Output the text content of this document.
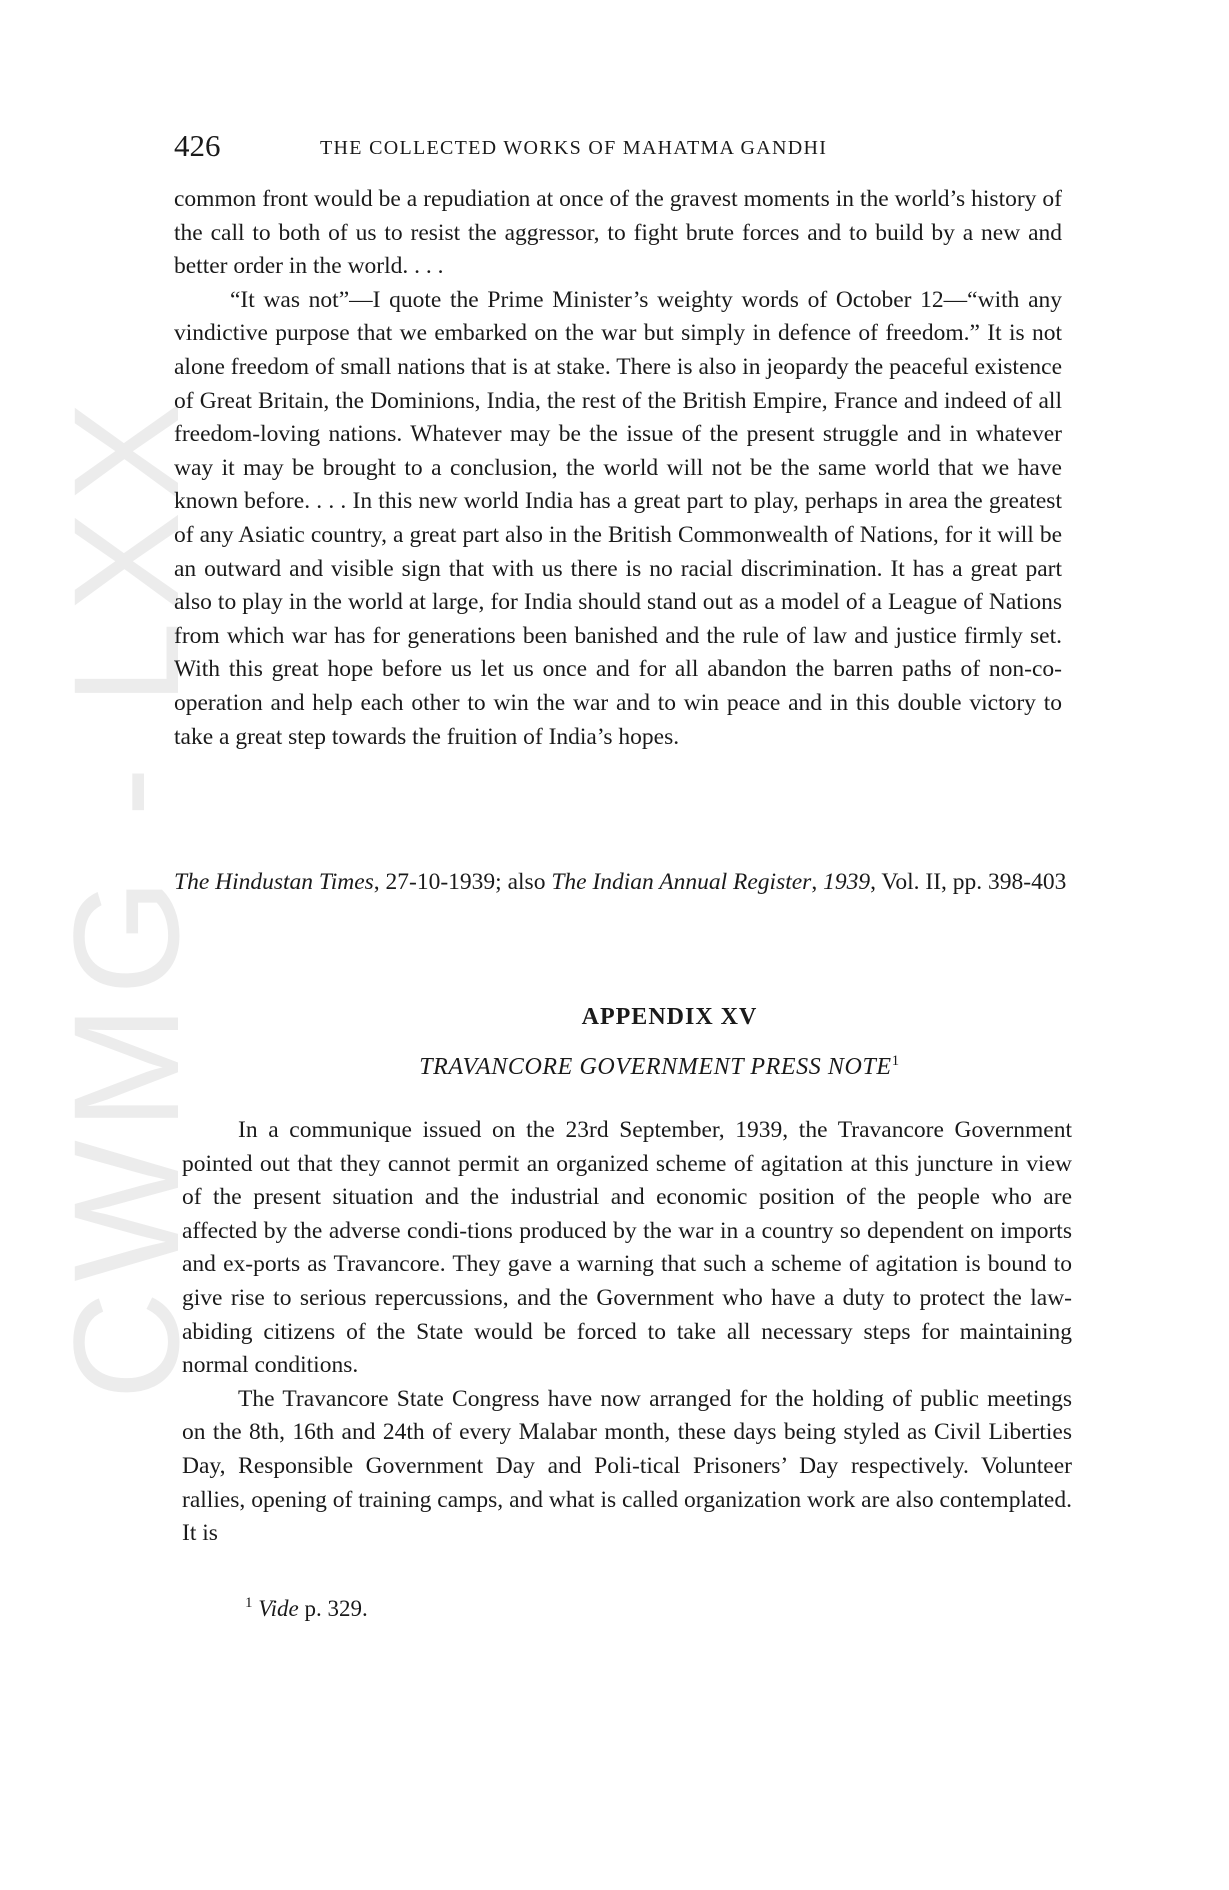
CWMG - LXX
426	THE COLLECTED WORKS OF MAHATMA GANDHI

common front would be a repudiation at once of the gravest moments in the world’s history of the call to both of us to resist the aggressor, to fight brute forces and to build by a new and better order in the world. . . .

“It was not”—I quote the Prime Minister’s weighty words of October 12—“with any vindictive purpose that we embarked on the war but simply in defence of freedom.” It is not alone freedom of small nations that is at stake. There is also in jeopardy the peaceful existence of Great Britain, the Dominions, India, the rest of the British Empire, France and indeed of all freedom-loving nations. Whatever may be the issue of the present struggle and in whatever way it may be brought to a conclusion, the world will not be the same world that we have known before. . . . In this new world India has a great part to play, perhaps in area the greatest of any Asiatic country, a great part also in the British Commonwealth of Nations, for it will be an outward and visible sign that with us there is no racial discrimination. It has a great part also to play in the world at large, for India should stand out as a model of a League of Nations from which war has for generations been banished and the rule of law and justice firmly set. With this great hope before us let us once and for all abandon the barren paths of non-co-operation and help each other to win the war and to win peace and in this double victory to take a great step towards the fruition of India’s hopes.

The Hindustan Times, 27-10-1939; also The Indian Annual Register, 1939, Vol. II, pp. 398-403
APPENDIX XV
TRAVANCORE GOVERNMENT PRESS NOTE$^1$

In a communique issued on the 23rd September, 1939, the Travancore Government pointed out that they cannot permit an organized scheme of agitation at this juncture in view of the present situation and the industrial and economic position of the people who are affected by the adverse condi-tions produced by the war in a country so dependent on imports and ex-ports as Travancore. They gave a warning that such a scheme of agitation is bound to give rise to serious repercussions, and the Government who have a duty to protect the law-abiding citizens of the State would be forced to take all necessary steps for maintaining normal conditions.

The Travancore State Congress have now arranged for the holding of public meetings on the 8th, 16th and 24th of every Malabar month, these days being styled as Civil Liberties Day, Responsible Government Day and Poli-tical Prisoners’ Day respectively. Volunteer rallies, opening of training camps, and what is called organization work are also contemplated. It is

$^1$ Vide p. 329.
